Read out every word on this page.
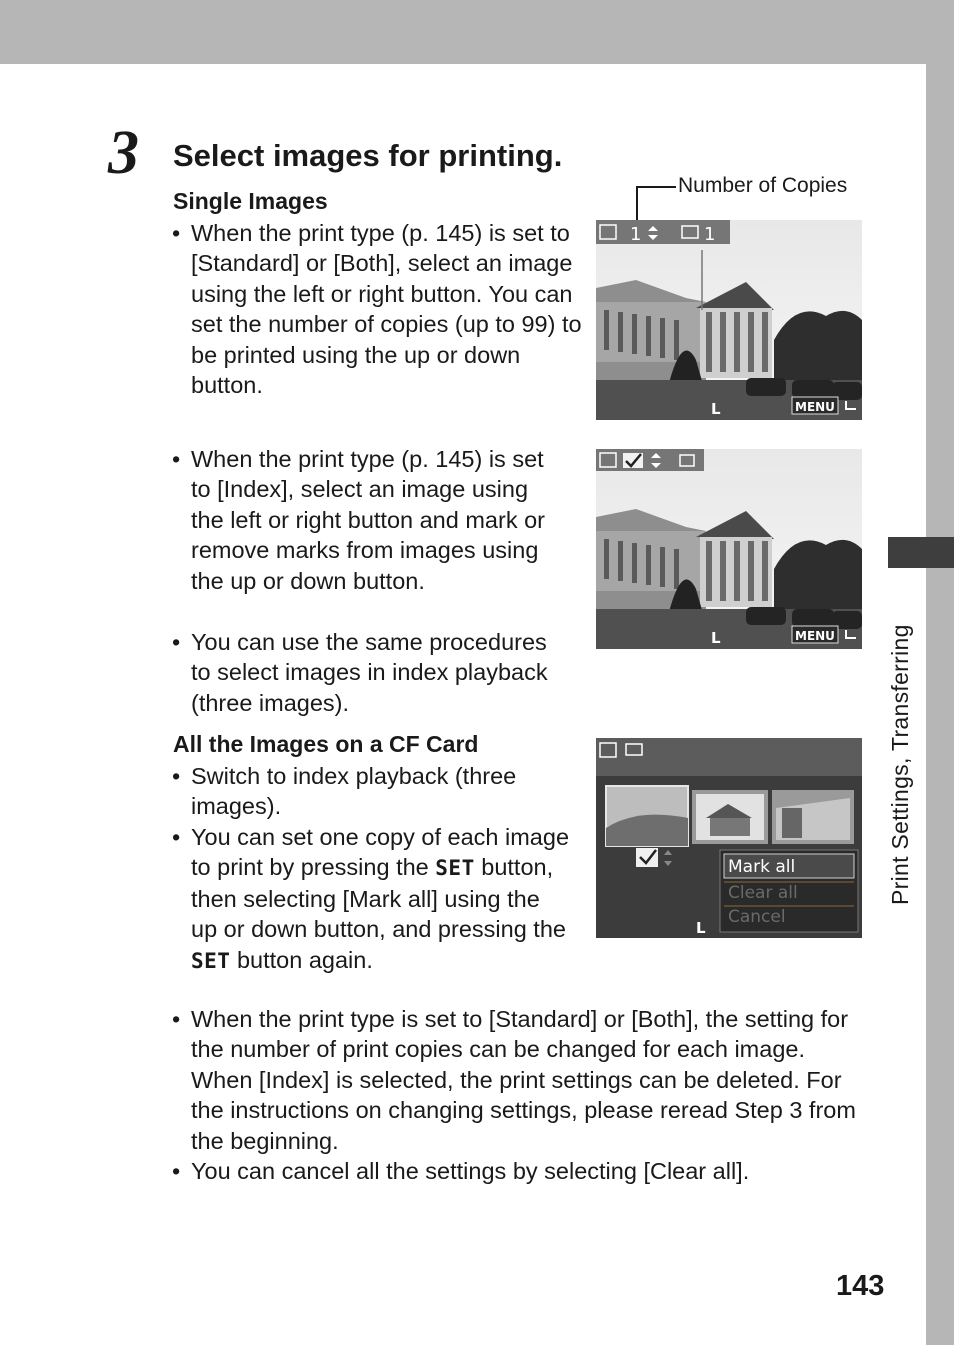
Print Settings, Transferring
143
3 Select images for printing.
Single Images
• When the print type (p. 145) is set to [Standard] or [Both], select an image using the left or right button. You can set the number of copies (up to 99) to be printed using the up or down button.
• When the print type (p. 145) is set to [Index], select an image using the left or right button and mark or remove marks from images using the up or down button.
• You can use the same procedures to select images in index playback (three images).
All the Images on a CF Card
• Switch to index playback (three images).
• You can set one copy of each image to print by pressing the SET button, then selecting [Mark all] using the up or down button, and pressing the SET button again.
• When the print type is set to [Standard] or [Both], the setting for the number of print copies can be changed for each image. When [Index] is selected, the print settings can be deleted. For the instructions on changing settings, please reread Step 3 from the beginning.
• You can cancel all the settings by selecting [Clear all].
Number of Copies
1	1
L	MENU
L	MENU
Mark all
Clear all
Cancel
L
